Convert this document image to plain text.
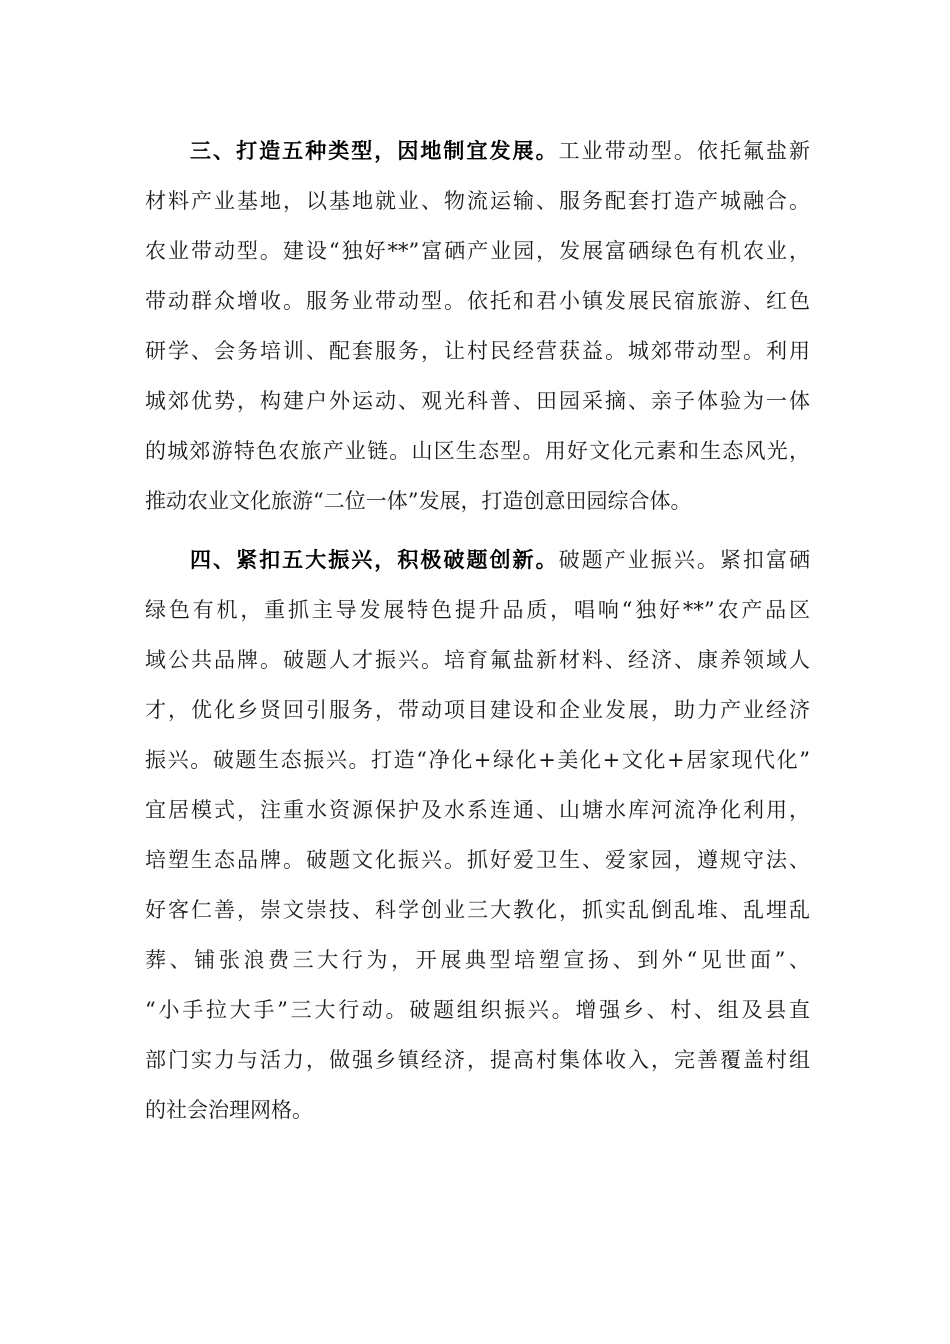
三、打造五种类型，因地制宜发展。工业带动型。依托氟盐新

材料产业基地，以基地就业、物流运输、服务配套打造产城融合。

农业带动型。建设“独好**”富硒产业园，发展富硒绿色有机农业，

带动群众增收。服务业带动型。依托和君小镇发展民宿旅游、红色

研学、会务培训、配套服务，让村民经营获益。城郊带动型。利用

城郊优势，构建户外运动、观光科普、田园采摘、亲子体验为一体

的城郊游特色农旅产业链。山区生态型。用好文化元素和生态风光，

推动农业文化旅游“二位一体”发展，打造创意田园综合体。

四、紧扣五大振兴，积极破题创新。破题产业振兴。紧扣富硒

绿色有机，重抓主导发展特色提升品质，唱响“独好**”农产品区

域公共品牌。破题人才振兴。培育氟盐新材料、经济、康养领域人

才，优化乡贤回引服务，带动项目建设和企业发展，助力产业经济

振兴。破题生态振兴。打造“净化+绿化+美化+文化+居家现代化”

宜居模式，注重水资源保护及水系连通、山塘水库河流净化利用，

培塑生态品牌。破题文化振兴。抓好爱卫生、爱家园，遵规守法、

好客仁善，崇文崇技、科学创业三大教化，抓实乱倒乱堆、乱埋乱

葬、铺张浪费三大行为，开展典型培塑宣扬、到外“见世面”、

“小手拉大手”三大行动。破题组织振兴。增强乡、村、组及县直

部门实力与活力，做强乡镇经济，提高村集体收入，完善覆盖村组

的社会治理网格。
